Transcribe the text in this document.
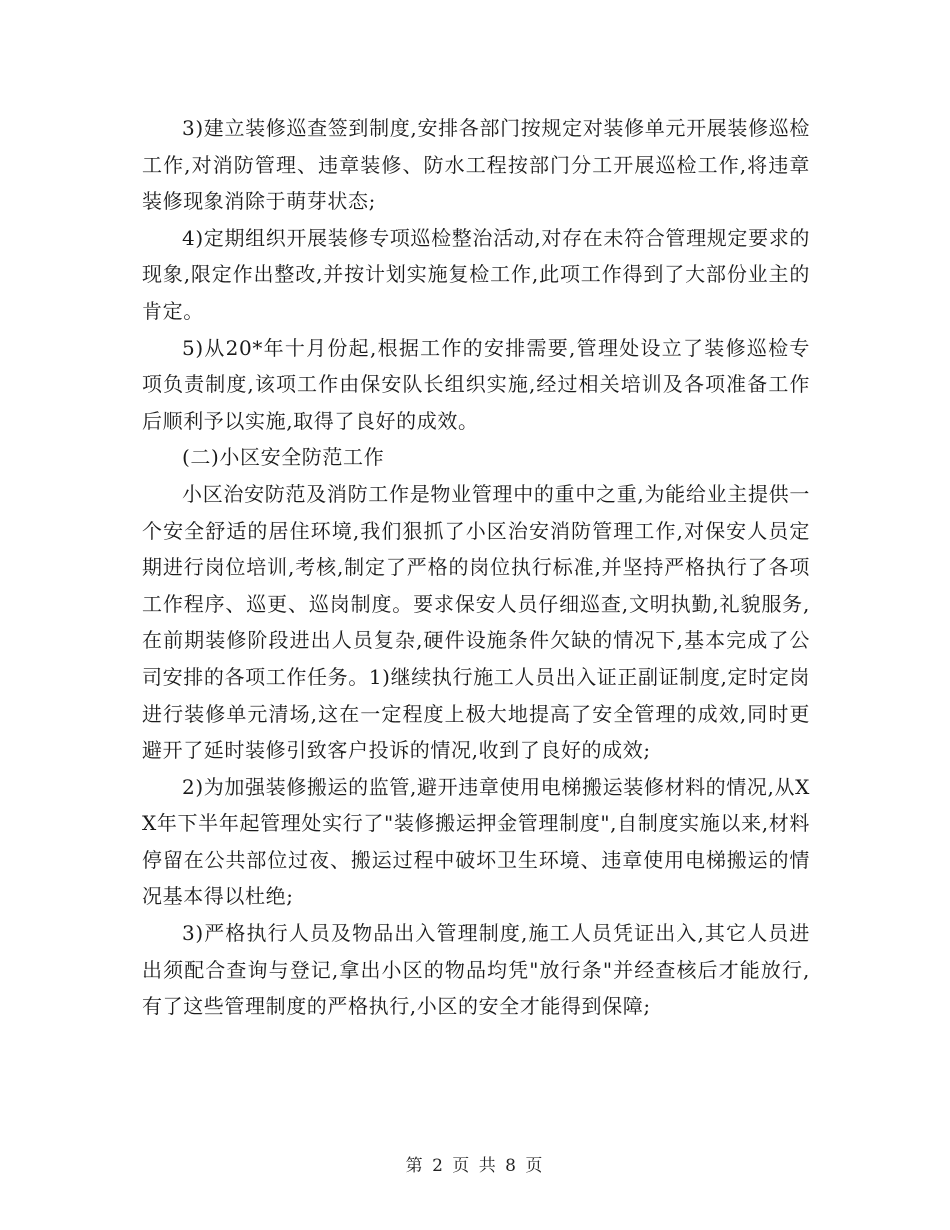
3)建立装修巡查签到制度,安排各部门按规定对装修单元开展装修巡检工作,对消防管理、违章装修、防水工程按部门分工开展巡检工作,将违章装修现象消除于萌芽状态;

4)定期组织开展装修专项巡检整治活动,对存在未符合管理规定要求的现象,限定作出整改,并按计划实施复检工作,此项工作得到了大部份业主的肯定。

5)从20*年十月份起,根据工作的安排需要,管理处设立了装修巡检专项负责制度,该项工作由保安队长组织实施,经过相关培训及各项准备工作后顺利予以实施,取得了良好的成效。

(二)小区安全防范工作

小区治安防范及消防工作是物业管理中的重中之重,为能给业主提供一个安全舒适的居住环境,我们狠抓了小区治安消防管理工作,对保安人员定期进行岗位培训,考核,制定了严格的岗位执行标准,并坚持严格执行了各项工作程序、巡更、巡岗制度。要求保安人员仔细巡查,文明执勤,礼貌服务,在前期装修阶段进出人员复杂,硬件设施条件欠缺的情况下,基本完成了公司安排的各项工作任务。1)继续执行施工人员出入证正副证制度,定时定岗进行装修单元清场,这在一定程度上极大地提高了安全管理的成效,同时更避开了延时装修引致客户投诉的情况,收到了良好的成效;

2)为加强装修搬运的监管,避开违章使用电梯搬运装修材料的情况,从XX年下半年起管理处实行了"装修搬运押金管理制度",自制度实施以来,材料停留在公共部位过夜、搬运过程中破坏卫生环境、违章使用电梯搬运的情况基本得以杜绝;

3)严格执行人员及物品出入管理制度,施工人员凭证出入,其它人员进出须配合查询与登记,拿出小区的物品均凭"放行条"并经查核后才能放行,有了这些管理制度的严格执行,小区的安全才能得到保障;

第 2 页 共 8 页
